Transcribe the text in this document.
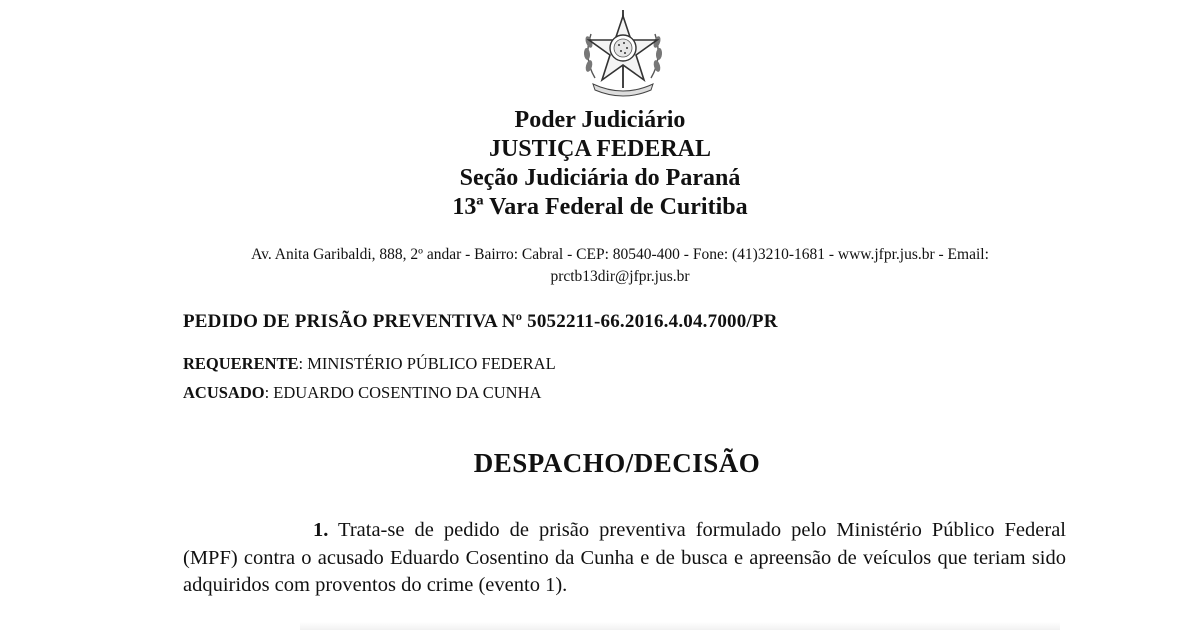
Poder Judiciário
JUSTIÇA FEDERAL
Seção Judiciária do Paraná
13ª Vara Federal de Curitiba
Av. Anita Garibaldi, 888, 2º andar - Bairro: Cabral - CEP: 80540-400 - Fone: (41)3210-1681 - www.jfpr.jus.br - Email:
prctb13dir@jfpr.jus.br
PEDIDO DE PRISÃO PREVENTIVA Nº 5052211-66.2016.4.04.7000/PR
REQUERENTE: MINISTÉRIO PÚBLICO FEDERAL
ACUSADO: EDUARDO COSENTINO DA CUNHA
DESPACHO/DECISÃO
1. Trata-se de pedido de prisão preventiva formulado pelo Ministério Público Federal (MPF) contra o acusado Eduardo Cosentino da Cunha e de busca e apreensão de veículos que teriam sido adquiridos com proventos do crime (evento 1).
